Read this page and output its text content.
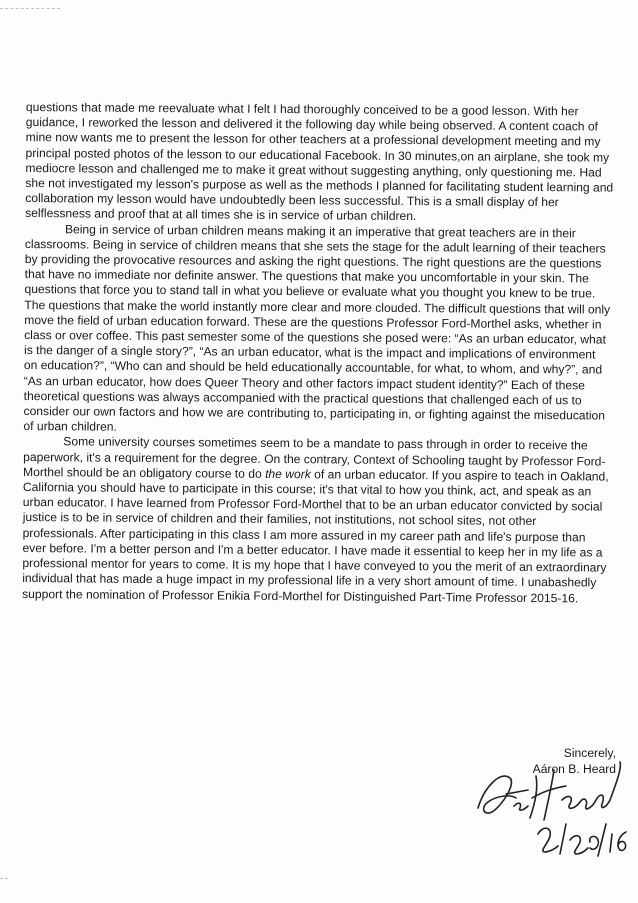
questions that made me reevaluate what I felt I had thoroughly conceived to be a good lesson. With her guidance, I reworked the lesson and delivered it the following day while being observed. A content coach of mine now wants me to present the lesson for other teachers at a professional development meeting and my principal posted photos of the lesson to our educational Facebook. In 30 minutes,on an airplane, she took my mediocre lesson and challenged me to make it great without suggesting anything, only questioning me. Had she not investigated my lesson's purpose as well as the methods I planned for facilitating student learning and collaboration my lesson would have undoubtedly been less successful. This is a small display of her selflessness and proof that at all times she is in service of urban children.

Being in service of urban children means making it an imperative that great teachers are in their classrooms. Being in service of children means that she sets the stage for the adult learning of their teachers by providing the provocative resources and asking the right questions. The right questions are the questions that have no immediate nor definite answer. The questions that make you uncomfortable in your skin. The questions that force you to stand tall in what you believe or evaluate what you thought you knew to be true. The questions that make the world instantly more clear and more clouded. The difficult questions that will only move the field of urban education forward. These are the questions Professor Ford-Morthel asks, whether in class or over coffee. This past semester some of the questions she posed were: “As an urban educator, what is the danger of a single story?”, “As an urban educator, what is the impact and implications of environment on education?”, “Who can and should be held educationally accountable, for what, to whom, and why?”, and “As an urban educator, how does Queer Theory and other factors impact student identity?” Each of these theoretical questions was always accompanied with the practical questions that challenged each of us to consider our own factors and how we are contributing to, participating in, or fighting against the miseducation of urban children.

Some university courses sometimes seem to be a mandate to pass through in order to receive the paperwork, it's a requirement for the degree. On the contrary, Context of Schooling taught by Professor Ford-Morthel should be an obligatory course to do the work of an urban educator. If you aspire to teach in Oakland, California you should have to participate in this course; it's that vital to how you think, act, and speak as an urban educator. I have learned from Professor Ford-Morthel that to be an urban educator convicted by social justice is to be in service of children and their families, not institutions, not school sites, not other professionals. After participating in this class I am more assured in my career path and life's purpose than ever before. I'm a better person and I'm a better educator. I have made it essential to keep her in my life as a professional mentor for years to come. It is my hope that I have conveyed to you the merit of an extraordinary individual that has made a huge impact in my professional life in a very short amount of time. I unabashedly support the nomination of Professor Enikia Ford-Morthel for Distinguished Part-Time Professor 2015-16.

Sincerely,
Aáron B. Heard
